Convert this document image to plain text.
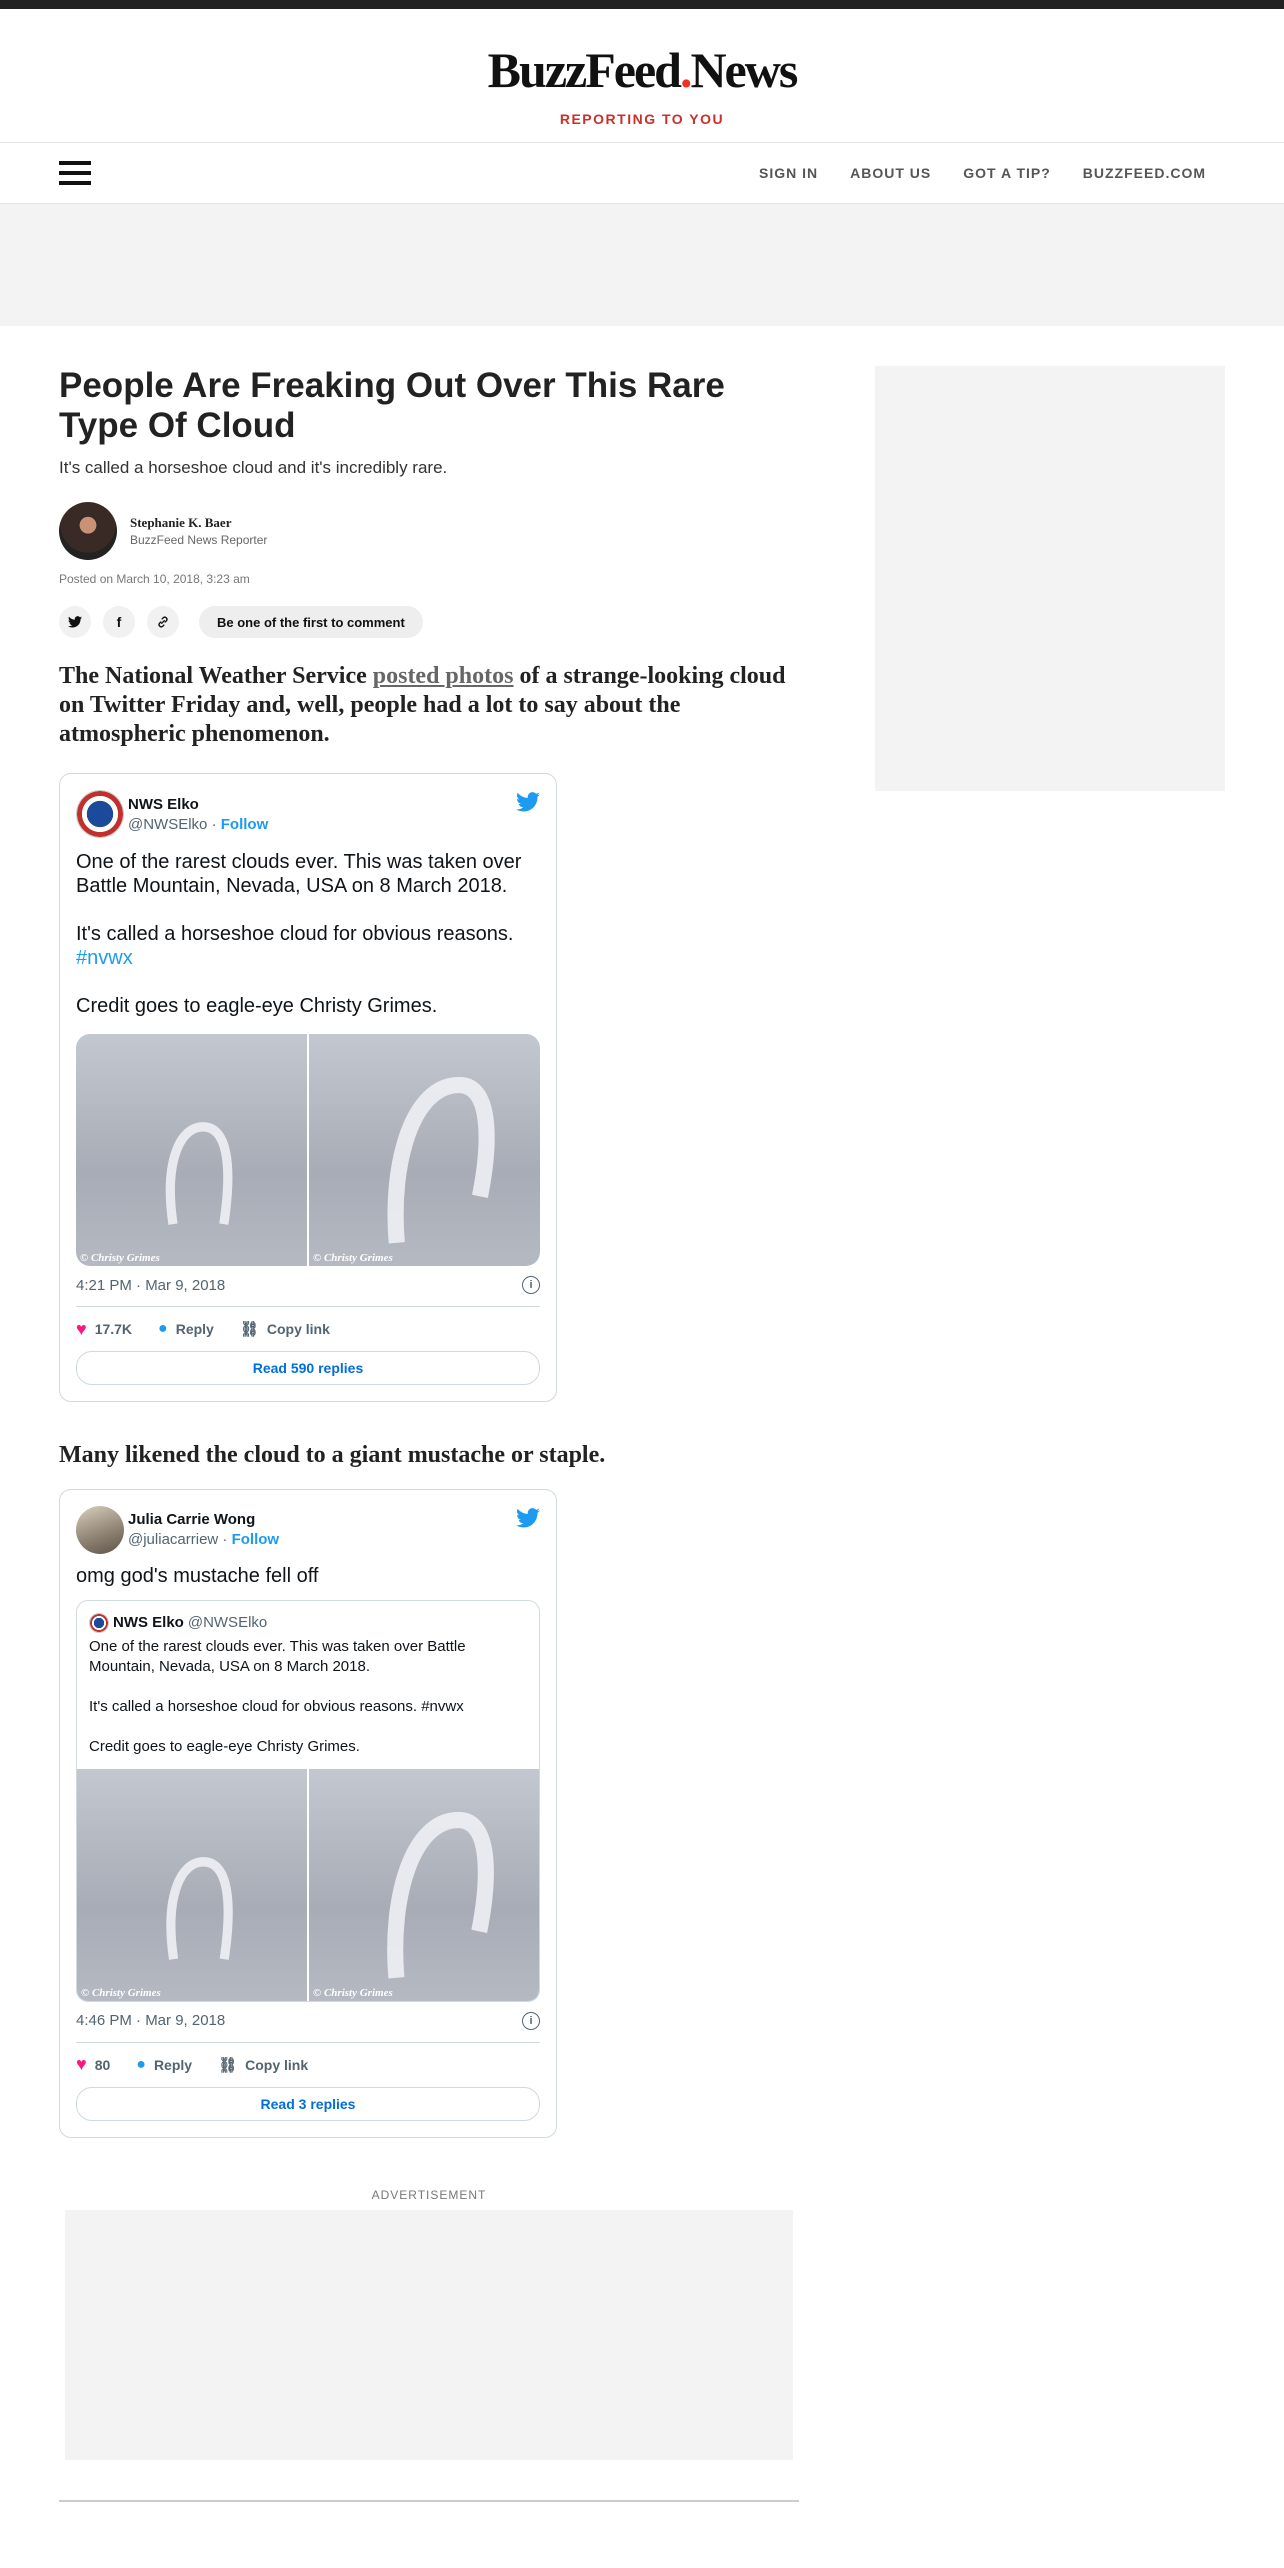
BuzzFeed.News
REPORTING TO YOU
SIGN IN ABOUT US GOT A TIP? BUZZFEED.COM
People Are Freaking Out Over This Rare Type Of Cloud
It's called a horseshoe cloud and it's incredibly rare.
Stephanie K. Baer
BuzzFeed News Reporter
Posted on March 10, 2018, 3:23 am
f	Be one of the first to comment

The National Weather Service posted photos of a strange-looking cloud on Twitter Friday and, well, people had a lot to say about the atmospheric phenomenon.

NWS Elko
@NWSElko · Follow
One of the rarest clouds ever. This was taken over Battle Mountain, Nevada, USA on 8 March 2018.

It's called a horseshoe cloud for obvious reasons. #nvwx

Credit goes to eagle-eye Christy Grimes.
© Christy Grimes	© Christy Grimes
4:21 PM · Mar 9, 2018	i
♥ 17.7K ● Reply ⛓ Copy link
Read 590 replies
Many likened the cloud to a giant mustache or staple.
Julia Carrie Wong
@juliacarriew · Follow
omg god's mustache fell off
NWS Elko @NWSElko
One of the rarest clouds ever. This was taken over Battle Mountain, Nevada, USA on 8 March 2018.

It's called a horseshoe cloud for obvious reasons. #nvwx

Credit goes to eagle-eye Christy Grimes.
© Christy Grimes	© Christy Grimes
4:46 PM · Mar 9, 2018	i
♥ 80 ● Reply ⛓ Copy link
Read 3 replies
ADVERTISEMENT
